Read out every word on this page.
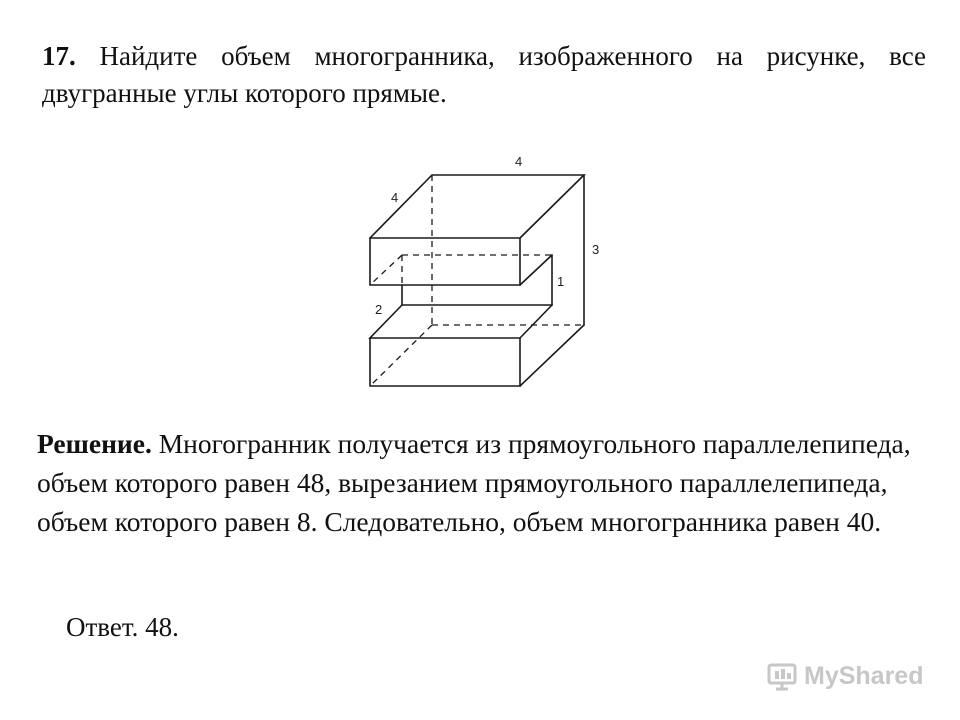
17. Найдите объем многогранника, изображенного на рисунке, все двугранные углы которого прямые.
4
4
3
1
2
Решение. Многогранник получается из прямоугольного параллелепипеда, объем которого равен 48, вырезанием прямоугольного параллелепипеда, объем которого равен 8. Следовательно, объем многогранника равен 40.
Ответ. 48.
MyShared
